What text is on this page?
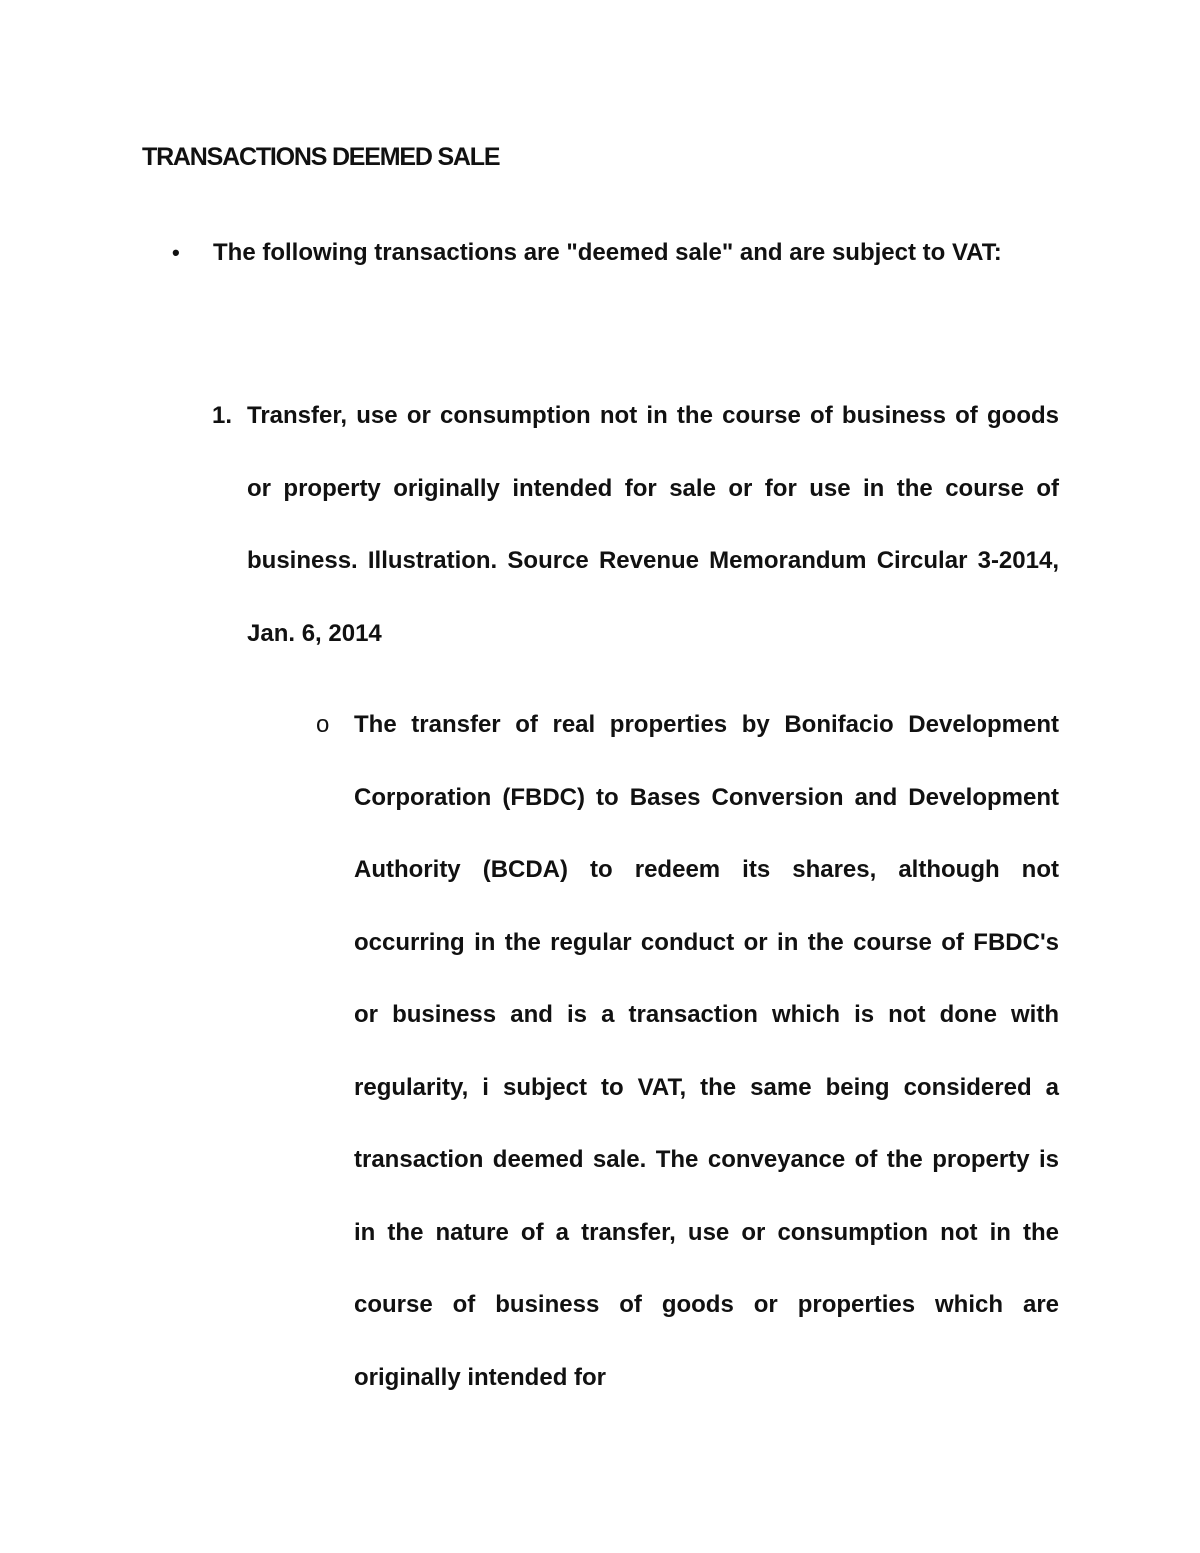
TRANSACTIONS DEEMED SALE
• The following transactions are "deemed sale" and are subject to VAT:

1. Transfer, use or consumption not in the course of business of goods or property originally intended for sale or for use in the course of business. Illustration. Source Revenue Memorandum Circular 3-2014, Jan. 6, 2014

o The transfer of real properties by Bonifacio Development Corporation (FBDC) to Bases Conversion and Development Authority (BCDA) to redeem its shares, although not occurring in the regular conduct or in the course of FBDC's or business and is a transaction which is not done with regularity, i subject to VAT, the same being considered a transaction deemed sale. The conveyance of the property is in the nature of a transfer, use or consumption not in the course of business of goods or properties which are originally intended for
